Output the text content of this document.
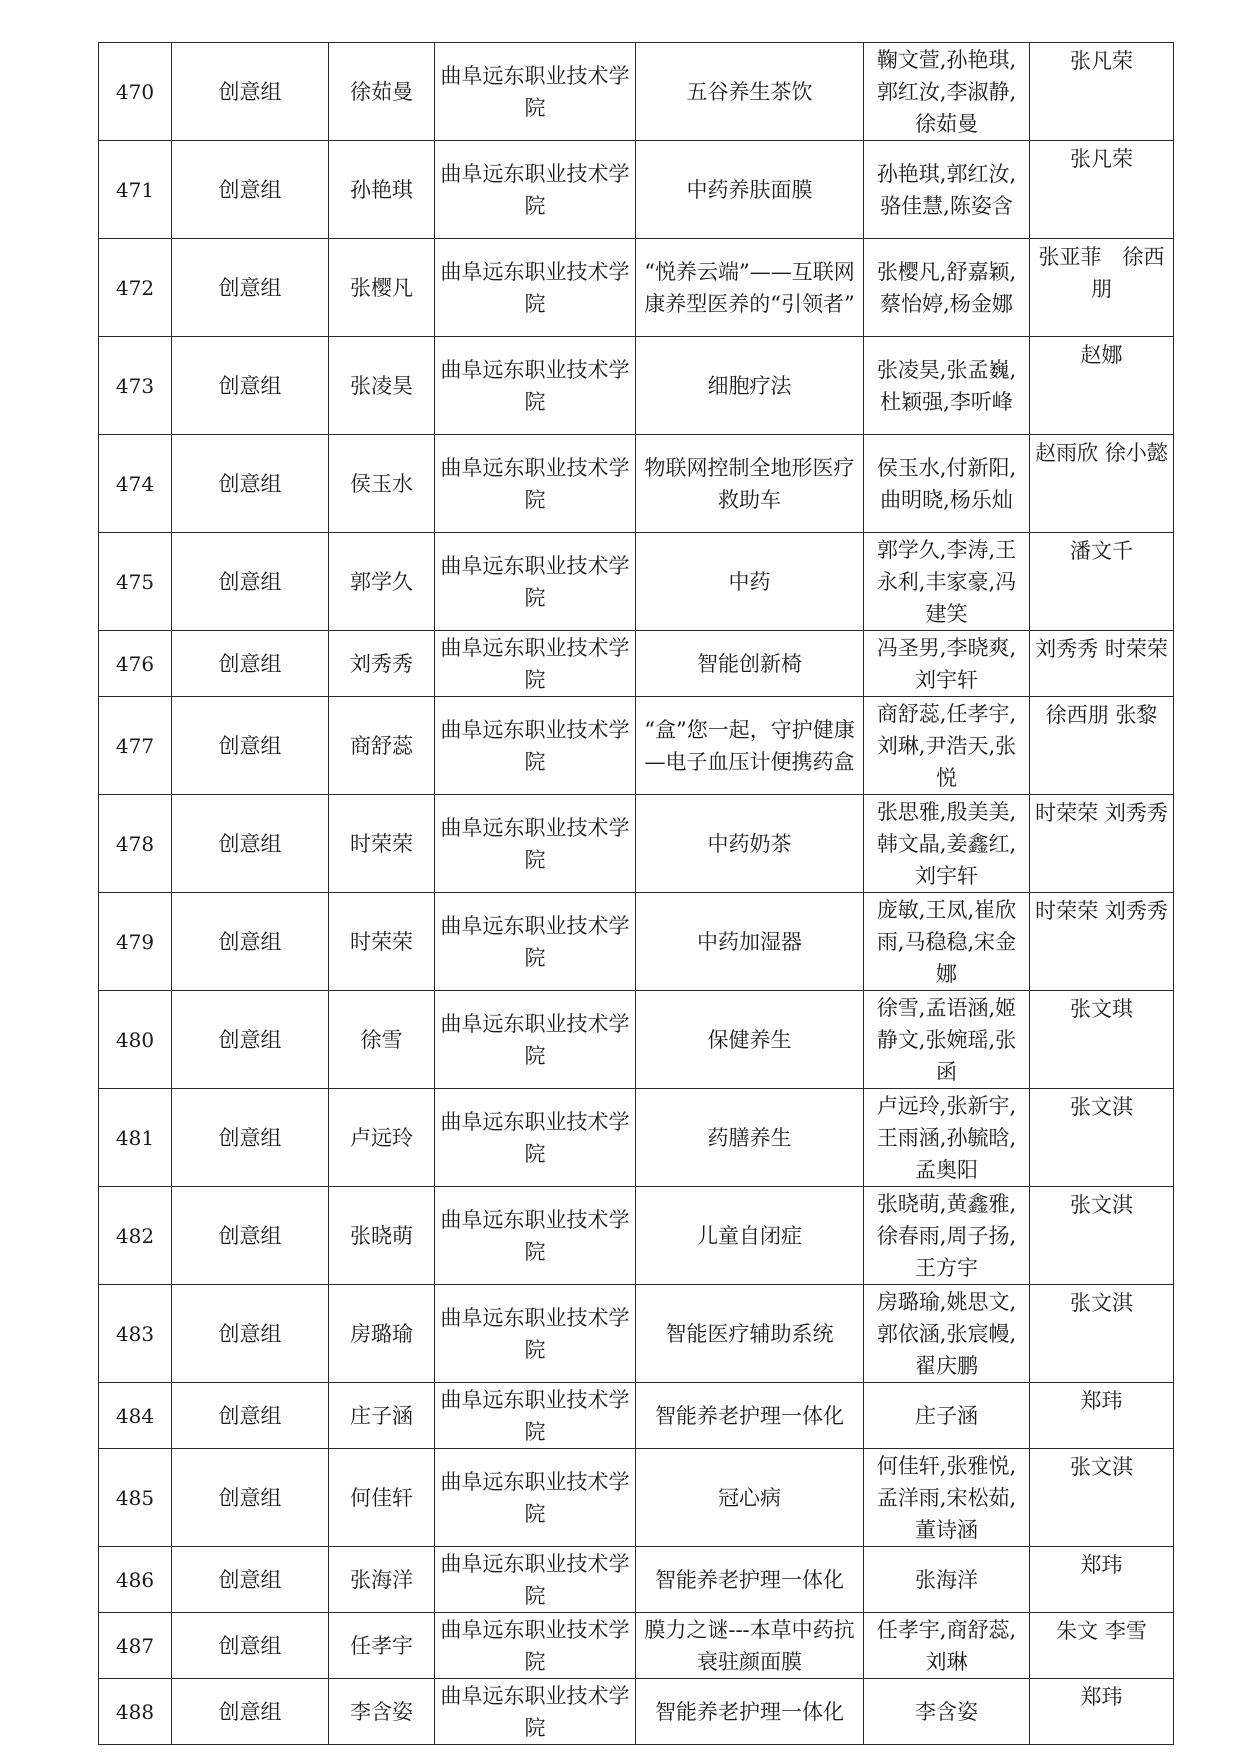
470	创意组	徐茹曼	曲阜远东职业技术学院	五谷养生茶饮	鞠文萱,孙艳琪,郭红汝,李淑静,徐茹曼	张凡荣
471	创意组	孙艳琪	曲阜远东职业技术学院	中药养肤面膜	孙艳琪,郭红汝,骆佳慧,陈姿含	张凡荣
472	创意组	张樱凡	曲阜远东职业技术学院	“悦养云端”——互联网康养型医养的“引领者”	张樱凡,舒嘉颖,蔡怡婷,杨金娜	张亚菲　徐西朋
473	创意组	张凌昊	曲阜远东职业技术学院	细胞疗法	张凌昊,张孟巍,杜颖强,李听峰	赵娜
474	创意组	侯玉水	曲阜远东职业技术学院	物联网控制全地形医疗救助车	侯玉水,付新阳,曲明晓,杨乐灿	赵雨欣 徐小懿
475	创意组	郭学久	曲阜远东职业技术学院	中药	郭学久,李涛,王永利,丰家豪,冯建笑	潘文千
476	创意组	刘秀秀	曲阜远东职业技术学院	智能创新椅	冯圣男,李晓爽,刘宇轩	刘秀秀 时荣荣
477	创意组	商舒蕊	曲阜远东职业技术学院	“盒”您一起，守护健康—电子血压计便携药盒	商舒蕊,任孝宇,刘琳,尹浩天,张悦	徐西朋 张黎
478	创意组	时荣荣	曲阜远东职业技术学院	中药奶茶	张思雅,殷美美,韩文晶,姜鑫红,刘宇轩	时荣荣 刘秀秀
479	创意组	时荣荣	曲阜远东职业技术学院	中药加湿器	庞敏,王凤,崔欣雨,马稳稳,宋金娜	时荣荣 刘秀秀
480	创意组	徐雪	曲阜远东职业技术学院	保健养生	徐雪,孟语涵,姬静文,张婉瑶,张函	张文琪
481	创意组	卢远玲	曲阜远东职业技术学院	药膳养生	卢远玲,张新宇,王雨涵,孙毓晗,孟奥阳	张文淇
482	创意组	张晓萌	曲阜远东职业技术学院	儿童自闭症	张晓萌,黄鑫雅,徐春雨,周子扬,王方宇	张文淇
483	创意组	房璐瑜	曲阜远东职业技术学院	智能医疗辅助系统	房璐瑜,姚思文,郭依涵,张宸幔,翟庆鹏	张文淇
484	创意组	庄子涵	曲阜远东职业技术学院	智能养老护理一体化	庄子涵	郑玮
485	创意组	何佳轩	曲阜远东职业技术学院	冠心病	何佳轩,张雅悦,孟洋雨,宋松茹,董诗涵	张文淇
486	创意组	张海洋	曲阜远东职业技术学院	智能养老护理一体化	张海洋	郑玮
487	创意组	任孝宇	曲阜远东职业技术学院	膜力之谜---本草中药抗衰驻颜面膜	任孝宇,商舒蕊,刘琳	朱文 李雪
488	创意组	李含姿	曲阜远东职业技术学院	智能养老护理一体化	李含姿	郑玮
